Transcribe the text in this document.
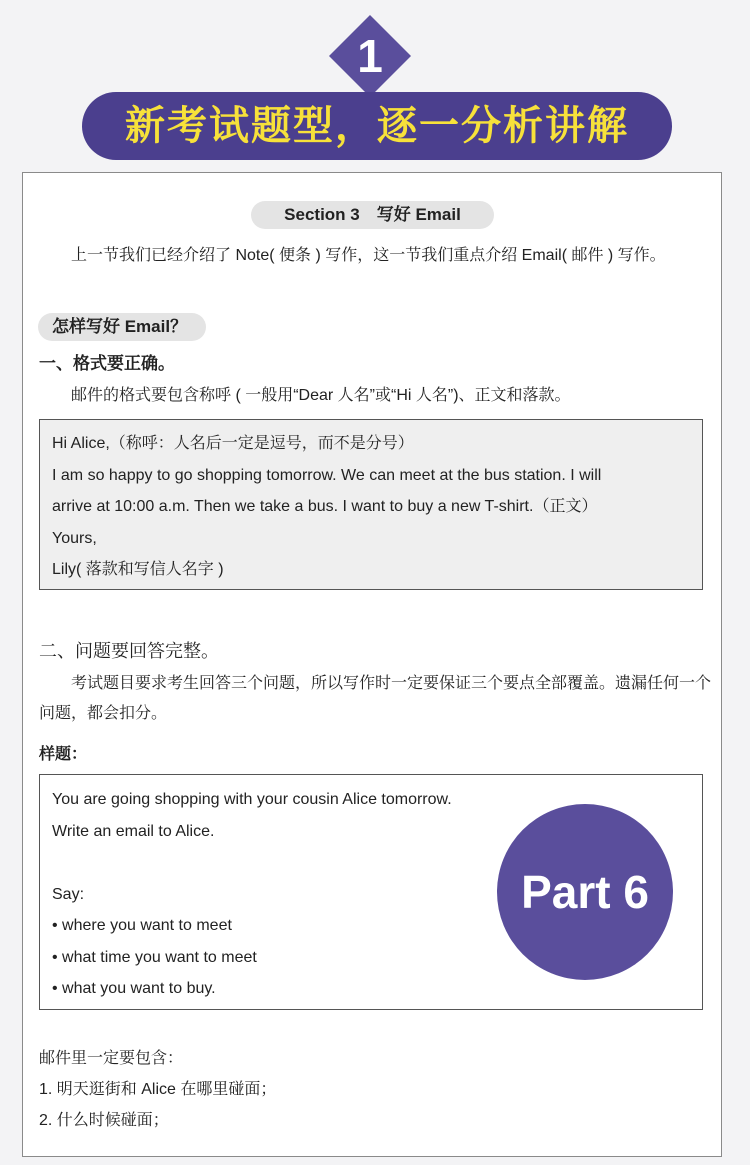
1
新考试题型，逐一分析讲解
Section 3　写好 Email
上一节我们已经介绍了 Note( 便条 ) 写作，这一节我们重点介绍 Email( 邮件 ) 写作。
怎样写好 Email？
一、格式要正确。
邮件的格式要包含称呼 ( 一般用“Dear 人名”或“Hi 人名”)、正文和落款。
Hi Alice,（称呼：人名后一定是逗号，而不是分号）
I am so happy to go shopping tomorrow. We can meet at the bus station. I will
arrive at 10:00 a.m. Then we take a bus. I want to buy a new T-shirt.（正文）
Yours,
Lily( 落款和写信人名字 )
二、问题要回答完整。
考试题目要求考生回答三个问题，所以写作时一定要保证三个要点全部覆盖。遗漏任何一个问题，都会扣分。
样题：
You are going shopping with your cousin Alice tomorrow.
Write an email to Alice.
Say:
• where you want to meet
• what time you want to meet
• what you want to buy.
Part 6
邮件里一定要包含：
1. 明天逛街和 Alice 在哪里碰面；
2. 什么时候碰面；
